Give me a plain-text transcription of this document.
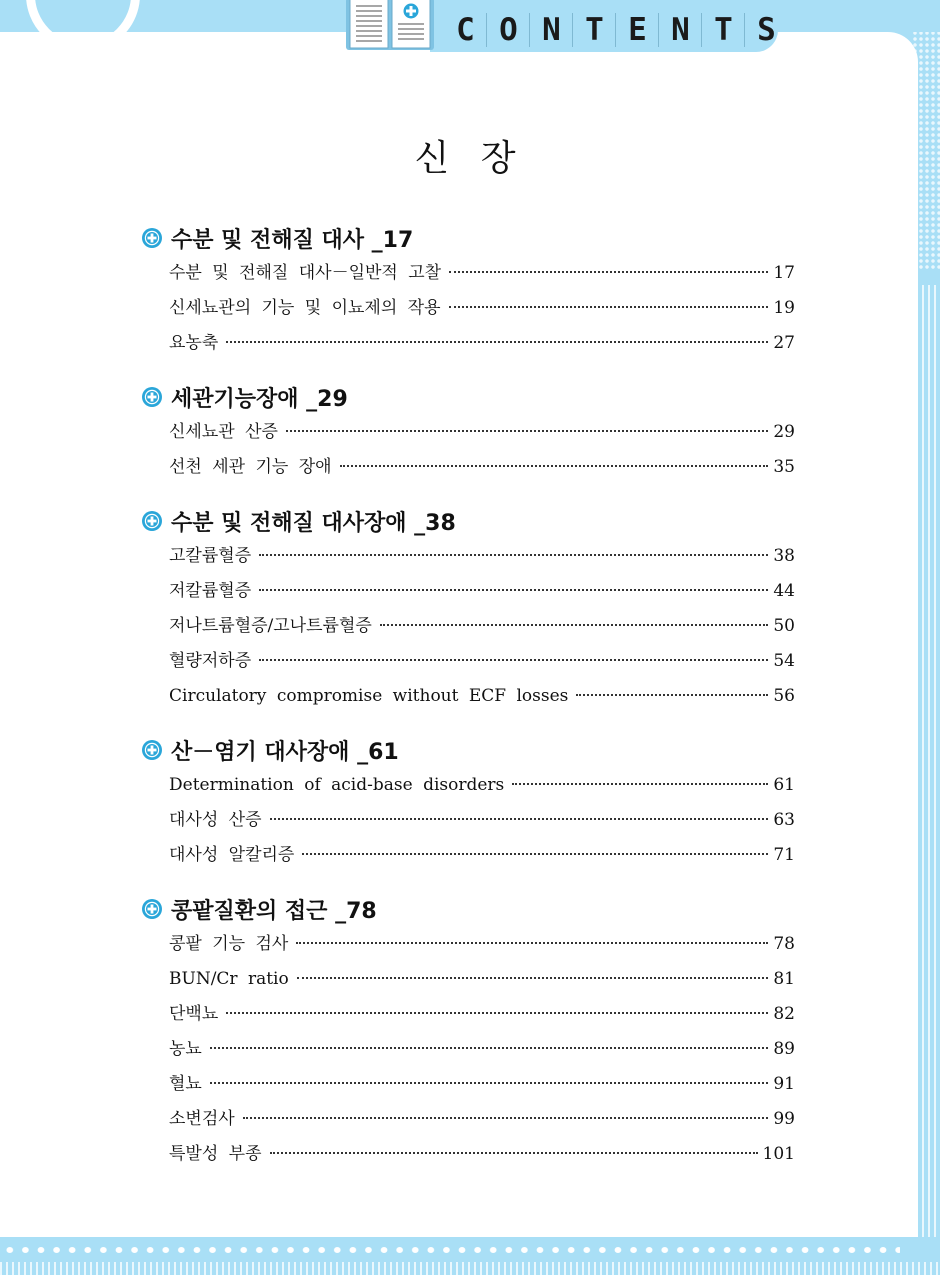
C O N T E N T S
신 장
수분 및 전해질 대사 _17
수분 및 전해질 대사－일반적 고찰	17
신세뇨관의 기능 및 이뇨제의 작용	19
요농축	27
세관기능장애 _29
신세뇨관 산증	29
선천 세관 기능 장애	35
수분 및 전해질 대사장애 _38
고칼륨혈증	38
저칼륨혈증	44
저나트륨혈증/고나트륨혈증	50
혈량저하증	54
Circulatory compromise without ECF losses	56
산－염기 대사장애 _61
Determination of acid-base disorders	61
대사성 산증	63
대사성 알칼리증	71
콩팥질환의 접근 _78
콩팥 기능 검사	78
BUN/Cr ratio	81
단백뇨	82
농뇨	89
혈뇨	91
소변검사	99
특발성 부종	101
